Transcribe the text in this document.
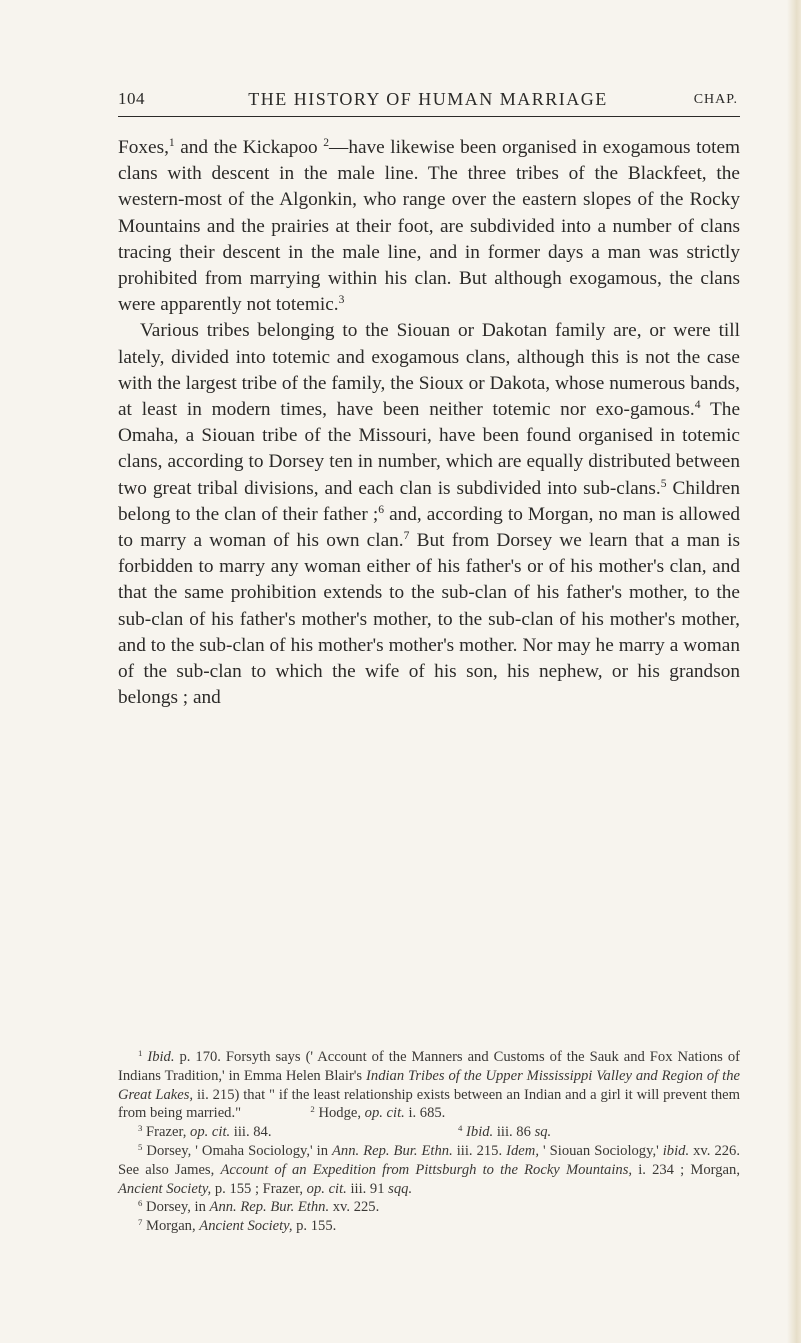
104	THE HISTORY OF HUMAN MARRIAGE	CHAP.

Foxes,$^1$ and the Kickapoo $^2$—have likewise been organised in exogamous totem clans with descent in the male line. The three tribes of the Blackfeet, the western-most of the Algonkin, who range over the eastern slopes of the Rocky Mountains and the prairies at their foot, are subdivided into a number of clans tracing their descent in the male line, and in former days a man was strictly prohibited from marrying within his clan. But although exogamous, the clans were apparently not totemic.$^3$

Various tribes belonging to the Siouan or Dakotan family are, or were till lately, divided into totemic and exogamous clans, although this is not the case with the largest tribe of the family, the Sioux or Dakota, whose numerous bands, at least in modern times, have been neither totemic nor exo-gamous.$^4$ The Omaha, a Siouan tribe of the Missouri, have been found organised in totemic clans, according to Dorsey ten in number, which are equally distributed between two great tribal divisions, and each clan is subdivided into sub-clans.$^5$ Children belong to the clan of their father ;$^6$ and, according to Morgan, no man is allowed to marry a woman of his own clan.$^7$ But from Dorsey we learn that a man is forbidden to marry any woman either of his father's or of his mother's clan, and that the same prohibition extends to the sub-clan of his father's mother, to the sub-clan of his father's mother's mother, to the sub-clan of his mother's mother, and to the sub-clan of his mother's mother's mother. Nor may he marry a woman of the sub-clan to which the wife of his son, his nephew, or his grandson belongs ; and

$^1$ Ibid. p. 170. Forsyth says (' Account of the Manners and Customs of the Sauk and Fox Nations of Indians Tradition,' in Emma Helen Blair's Indian Tribes of the Upper Mississippi Valley and Region of the Great Lakes, ii. 215) that " if the least relationship exists between an Indian and a girl it will prevent them from being married."	$^2$ Hodge, op. cit. i. 685.

$^3$ Frazer, op. cit. iii. 84.	$^4$ Ibid. iii. 86 sq.

$^5$ Dorsey, ' Omaha Sociology,' in Ann. Rep. Bur. Ethn. iii. 215. Idem, ' Siouan Sociology,' ibid. xv. 226. See also James, Account of an Expedition from Pittsburgh to the Rocky Mountains, i. 234 ; Morgan, Ancient Society, p. 155 ; Frazer, op. cit. iii. 91 sqq.

$^6$ Dorsey, in Ann. Rep. Bur. Ethn. xv. 225.

$^7$ Morgan, Ancient Society, p. 155.
